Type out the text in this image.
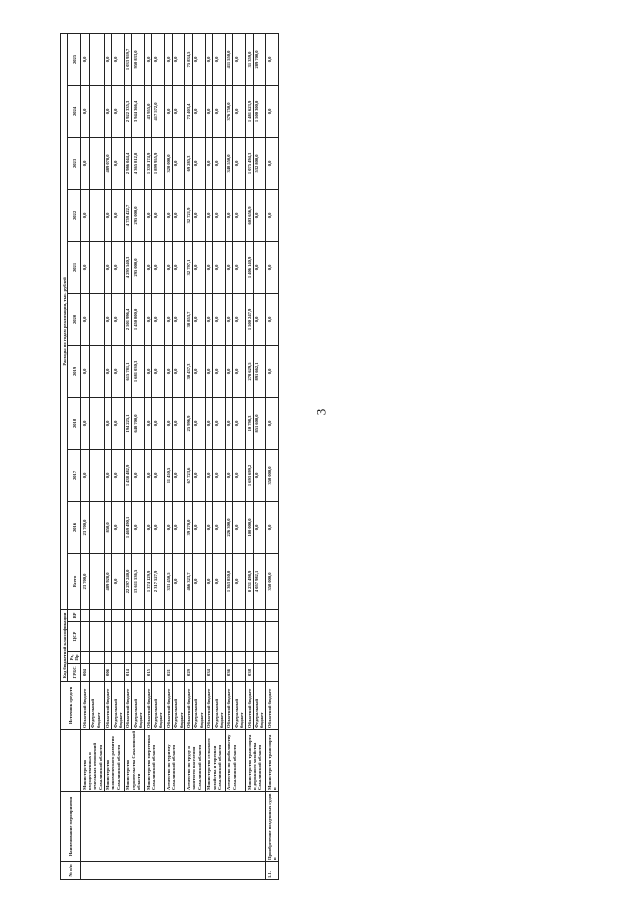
3
№ п/п	Наименование мероприятия		Источник средств	Код бюджетной классификации				Расходы по годам реализации, тыс. рублей										
				ГРБС	Рз, Пр	ЦСР	ВР	Всего	2016	2017	2018	2019	2020	2021	2022	2023	2024	2025

		Министерство имущественных и земельных отношений Сахалинской области	Областной бюджет	004				23 700,0	23 700,0	0,0	0,0	0,0	0,0	0,0	0,0	0,0	0,0	0,0
			Федеральный бюджет															
		Министерство экономического развития Сахалинской области	Областной бюджет	006				489 928,0	850,0	0,0	0,0	0,0	0,0	0,0	0,0	489 078,0	0,0	0,0
			Федеральный бюджет					0,0	0,0	0,0	0,0	0,0	0,0	0,0	0,0	0,0	0,0	0,0
		Министерство строительства Сахалинской области	Областной бюджет	014				22 297 240,0	1 469 490,1	1 438 482,9	194 225,1	615 781,1	2 501 996,4	4 295 540,3	4 759 422,7	2 986 044,4	2 922 335,3	1 033 959,7
			Федеральный бюджет					13 611 536,5	0,0	0,0	648 700,0	1 681 030,3	1 450 800,0	295 000,0	295 000,0	4 365 812,8	3 944 366,4	950 833,0
		Министерство энергетики Сахалинской области	Областной бюджет	015				1 374 129,9	0,0	0,0	0,0	0,0	0,0	0,0	0,0	1 330 174,9	43 955,0	0,0
			Федеральный бюджет					2 317 527,9	0,0	0,0	0,0	0,0	0,0	0,0	0,0	1 899 955,9	417 572,0	0,0
		Агентство по туризму Сахалинской области	Областной бюджет	021				331 450,5	0,0	11 450,5	0,0	0,0	0,0	0,0	0,0	320 000,0	0,0	0,0
			Федеральный бюджет					0,0	0,0	0,0	0,0	0,0	0,0	0,0	0,0	0,0	0,0	0,0
		Агентство по труду и занятости населения Сахалинской области	Областной бюджет	029				466 323,7	39 270,0	67 723,6	25 996,9	30 437,3	38 853,7	32 797,1	32 721,9	69 285,3	73 403,4	75 834,5
			Федеральный бюджет					0,0	0,0	0,0	0,0	0,0	0,0	0,0	0,0	0,0	0,0	0,0
		Министерство сельского хозяйства и торговли Сахалинской области	Областной бюджет	034				0,0	0,0	0,0	0,0	0,0	0,0	0,0	0,0	0,0	0,0	0,0
			Федеральный бюджет					0,0	0,0	0,0	0,0	0,0	0,0	0,0	0,0	0,0	0,0	0,0
		Агентство по рыболовству Сахалинской области	Областной бюджет	036				1 363 850,0	226 300,0	0,0	0,0	0,0	0,0	0,0	0,0	348 550,0	376 750,0	411 550,0
			Федеральный бюджет					0,0	0,0	0,0	0,0	0,0	0,0	0,0	0,0	0,0	0,0	0,0
		Министерство транспорта и дорожного хозяйства Сахалинской области	Областной бюджет	038				8 231 498,9	100 000,0	1 693 699,2	10 798,3	278 629,5	1 500 247,9	1 406 140,9	603 656,9	1 075 494,3	1 481 623,9	31 359,0
			Федеральный бюджет					4 057 982,1	0,0	0,0	851 600,0	891 662,1	0,0	0,0	0,0	532 800,0	1 500 300,0	289 700,0
1.1.	Приобретение воздушных судов и	Министерство транспорта и	Областной бюджет					350 000,0	0,0	350 000,0	0,0	0,0	0,0	0,0	0,0	0,0	0,0	0,0
